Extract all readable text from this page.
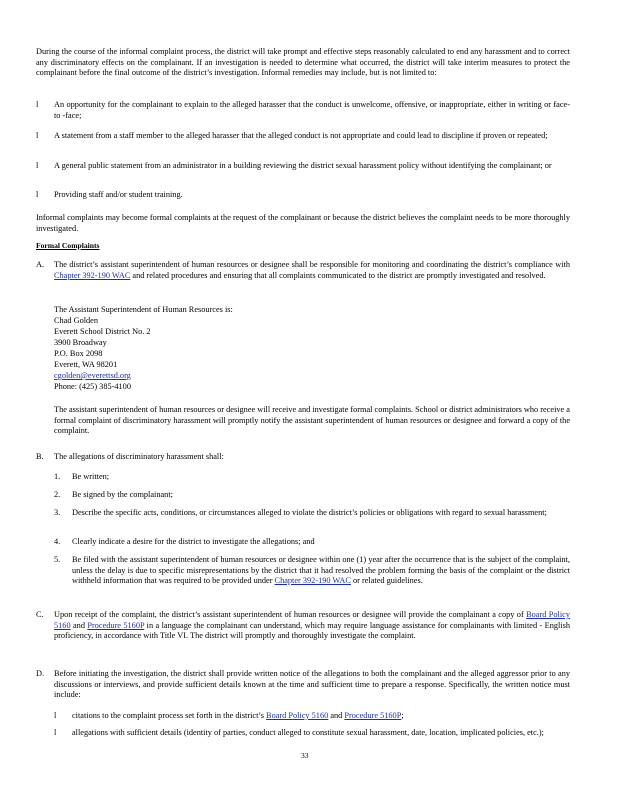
During the course of the informal complaint process, the district will take prompt and effective steps reasonably calculated to end any harassment and to correct any discriminatory effects on the complainant. If an investigation is needed to determine what occurred, the district will take interim measures to protect the complainant before the final outcome of the district’s investigation. Informal remedies may include, but is not limited to:
l An opportunity for the complainant to explain to the alleged harasser that the conduct is unwelcome, offensive, or inappropriate, either in writing or face- to -face;
l A statement from a staff member to the alleged harasser that the alleged conduct is not appropriate and could lead to discipline if proven or repeated;
l A general public statement from an administrator in a building reviewing the district sexual harassment policy without identifying the complainant; or
l Providing staff and/or student training.
Informal complaints may become formal complaints at the request of the complainant or because the district believes the complaint needs to be more thoroughly investigated.
Formal Complaints
A. The district’s assistant superintendent of human resources or designee shall be responsible for monitoring and coordinating the district’s compliance with Chapter 392-190 WAC and related procedures and ensuring that all complaints communicated to the district are promptly investigated and resolved.
The Assistant Superintendent of Human Resources is:
Chad Golden
Everett School District No. 2
3900 Broadway
P.O. Box 2098
Everett, WA 98201
cgolden@everettsd.org
Phone: (425) 385-4100
The assistant superintendent of human resources or designee will receive and investigate formal complaints. School or district administrators who receive a formal complaint of discriminatory harassment will promptly notify the assistant superintendent of human resources or designee and forward a copy of the complaint.
B. The allegations of discriminatory harassment shall:
1. Be written;
2. Be signed by the complainant;
3. Describe the specific acts, conditions, or circumstances alleged to violate the district’s policies or obligations with regard to sexual harassment;
4. Clearly indicate a desire for the district to investigate the allegations; and
5. Be filed with the assistant superintendent of human resources or designee within one (1) year after the occurrence that is the subject of the complaint, unless the delay is due to specific misrepresentations by the district that it had resolved the problem forming the basis of the complaint or the district withheld information that was required to be provided under Chapter 392-190 WAC or related guidelines.
C. Upon receipt of the complaint, the district’s assistant superintendent of human resources or designee will provide the complainant a copy of Board Policy 5160 and Procedure 5160P in a language the complainant can understand, which may require language assistance for complainants with limited - English proficiency, in accordance with Title VI. The district will promptly and thoroughly investigate the complaint.
D. Before initiating the investigation, the district shall provide written notice of the allegations to both the complainant and the alleged aggressor prior to any discussions or interviews, and provide sufficient details known at the time and sufficient time to prepare a response. Specifically, the written notice must include:
l citations to the complaint process set forth in the district’s Board Policy 5160 and Procedure 5160P;
l allegations with sufficient details (identity of parties, conduct alleged to constitute sexual harassment, date, location, implicated policies, etc.);
33
